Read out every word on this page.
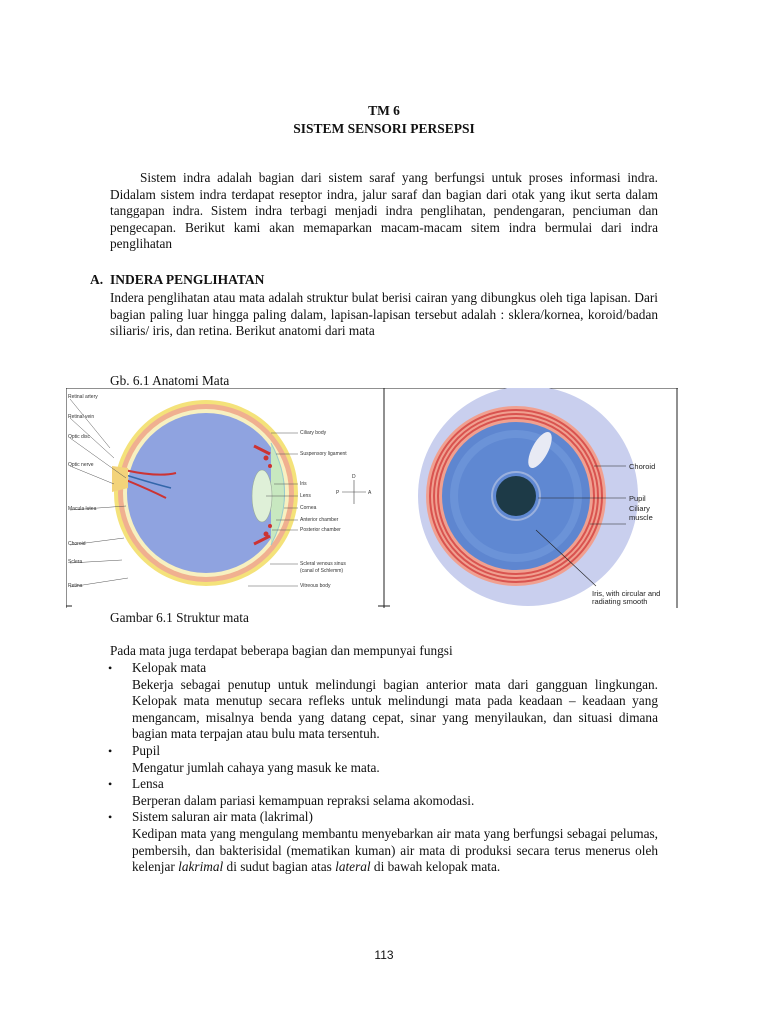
TM 6
SISTEM SENSORI PERSEPSI
Sistem indra adalah bagian dari sistem saraf yang berfungsi untuk proses informasi indra. Didalam sistem indra terdapat reseptor indra, jalur saraf dan bagian dari otak yang ikut serta dalam tanggapan indra. Sistem indra terbagi menjadi indra penglihatan, pendengaran, penciuman dan pengecapan. Berikut kami akan memaparkan macam-macam sitem indra bermulai dari indra penglihatan
A. INDERA PENGLIHATAN
Indera penglihatan atau mata adalah struktur bulat berisi cairan yang dibungkus oleh tiga lapisan. Dari bagian paling luar hingga paling dalam, lapisan-lapisan tersebut adalah : sklera/kornea, koroid/badan siliaris/ iris, dan retina. Berikut anatomi dari mata
Gb. 6.1 Anatomi Mata
D
P	A
Retinal artery
Retinal vein
Optic disc
Optic nerve
Macula lutea
Choroid
Sclera
Retina
Ciliary body
Suspensory ligament
Iris
Lens
Cornea
Anterior chamber
Posterior chamber
Scleral venous sinus
(canal of Schlemm)
Vitreous body
Choroid
Pupil
Ciliary
muscle
Iris, with circular and
radiating smooth
Gambar 6.1 Struktur mata
Pada mata juga terdapat beberapa bagian dan mempunyai fungsi
• Kelopak mata
Bekerja sebagai penutup untuk melindungi bagian anterior mata dari gangguan lingkungan. Kelopak mata menutup secara refleks untuk melindungi mata pada keadaan – keadaan yang mengancam, misalnya benda yang datang cepat, sinar yang menyilaukan, dan situasi dimana bagian mata terpajan atau bulu mata tersentuh.
• Pupil
Mengatur jumlah cahaya yang masuk ke mata.
• Lensa
Berperan dalam pariasi kemampuan repraksi selama akomodasi.
• Sistem saluran air mata (lakrimal)
Kedipan mata yang mengulang membantu menyebarkan air mata yang berfungsi sebagai pelumas, pembersih, dan bakterisidal (mematikan kuman) air mata di produksi secara terus menerus oleh kelenjar lakrimal di sudut bagian atas lateral di bawah kelopak mata.
113
